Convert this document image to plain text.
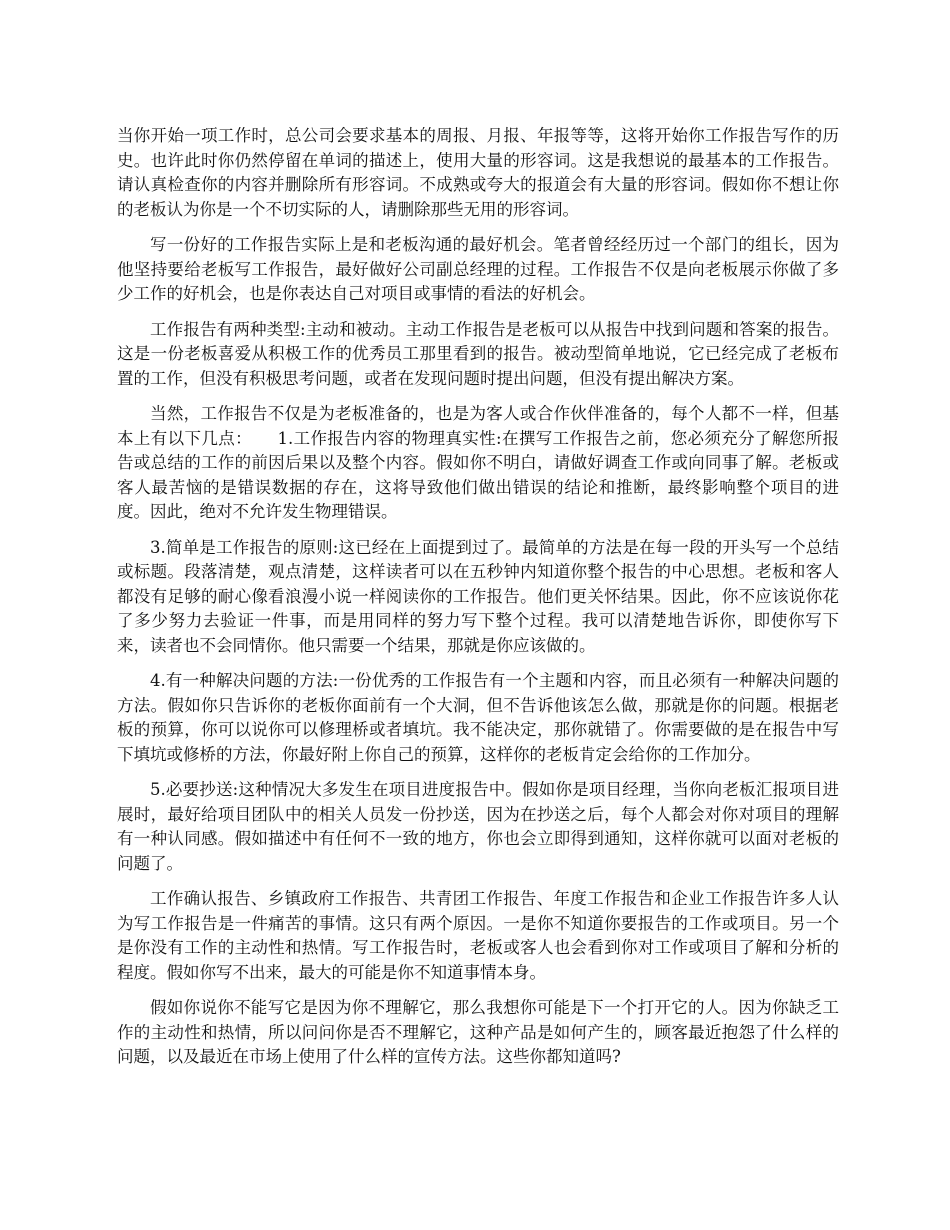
当你开始一项工作时，总公司会要求基本的周报、月报、年报等等，这将开始你工作报告写作的历史。也许此时你仍然停留在单词的描述上，使用大量的形容词。这是我想说的最基本的工作报告。请认真检查你的内容并删除所有形容词。不成熟或夸大的报道会有大量的形容词。假如你不想让你的老板认为你是一个不切实际的人，请删除那些无用的形容词。

写一份好的工作报告实际上是和老板沟通的最好机会。笔者曾经经历过一个部门的组长，因为他坚持要给老板写工作报告，最好做好公司副总经理的过程。工作报告不仅是向老板展示你做了多少工作的好机会，也是你表达自己对项目或事情的看法的好机会。

工作报告有两种类型:主动和被动。主动工作报告是老板可以从报告中找到问题和答案的报告。这是一份老板喜爱从积极工作的优秀员工那里看到的报告。被动型简单地说，它已经完成了老板布置的工作，但没有积极思考问题，或者在发现问题时提出问题，但没有提出解决方案。

当然，工作报告不仅是为老板准备的，也是为客人或合作伙伴准备的，每个人都不一样，但基本上有以下几点：　　1.工作报告内容的物理真实性:在撰写工作报告之前，您必须充分了解您所报告或总结的工作的前因后果以及整个内容。假如你不明白，请做好调查工作或向同事了解。老板或客人最苦恼的是错误数据的存在，这将导致他们做出错误的结论和推断，最终影响整个项目的进度。因此，绝对不允许发生物理错误。

3.简单是工作报告的原则:这已经在上面提到过了。最简单的方法是在每一段的开头写一个总结或标题。段落清楚，观点清楚，这样读者可以在五秒钟内知道你整个报告的中心思想。老板和客人都没有足够的耐心像看浪漫小说一样阅读你的工作报告。他们更关怀结果。因此，你不应该说你花了多少努力去验证一件事，而是用同样的努力写下整个过程。我可以清楚地告诉你，即使你写下来，读者也不会同情你。他只需要一个结果，那就是你应该做的。

4.有一种解决问题的方法:一份优秀的工作报告有一个主题和内容，而且必须有一种解决问题的方法。假如你只告诉你的老板你面前有一个大洞，但不告诉他该怎么做，那就是你的问题。根据老板的预算，你可以说你可以修理桥或者填坑。我不能决定，那你就错了。你需要做的是在报告中写下填坑或修桥的方法，你最好附上你自己的预算，这样你的老板肯定会给你的工作加分。

5.必要抄送:这种情况大多发生在项目进度报告中。假如你是项目经理，当你向老板汇报项目进展时，最好给项目团队中的相关人员发一份抄送，因为在抄送之后，每个人都会对你对项目的理解有一种认同感。假如描述中有任何不一致的地方，你也会立即得到通知，这样你就可以面对老板的问题了。

工作确认报告、乡镇政府工作报告、共青团工作报告、年度工作报告和企业工作报告许多人认为写工作报告是一件痛苦的事情。这只有两个原因。一是你不知道你要报告的工作或项目。另一个是你没有工作的主动性和热情。写工作报告时，老板或客人也会看到你对工作或项目了解和分析的程度。假如你写不出来，最大的可能是你不知道事情本身。

假如你说你不能写它是因为你不理解它，那么我想你可能是下一个打开它的人。因为你缺乏工作的主动性和热情，所以问问你是否不理解它，这种产品是如何产生的，顾客最近抱怨了什么样的问题，以及最近在市场上使用了什么样的宣传方法。这些你都知道吗?
